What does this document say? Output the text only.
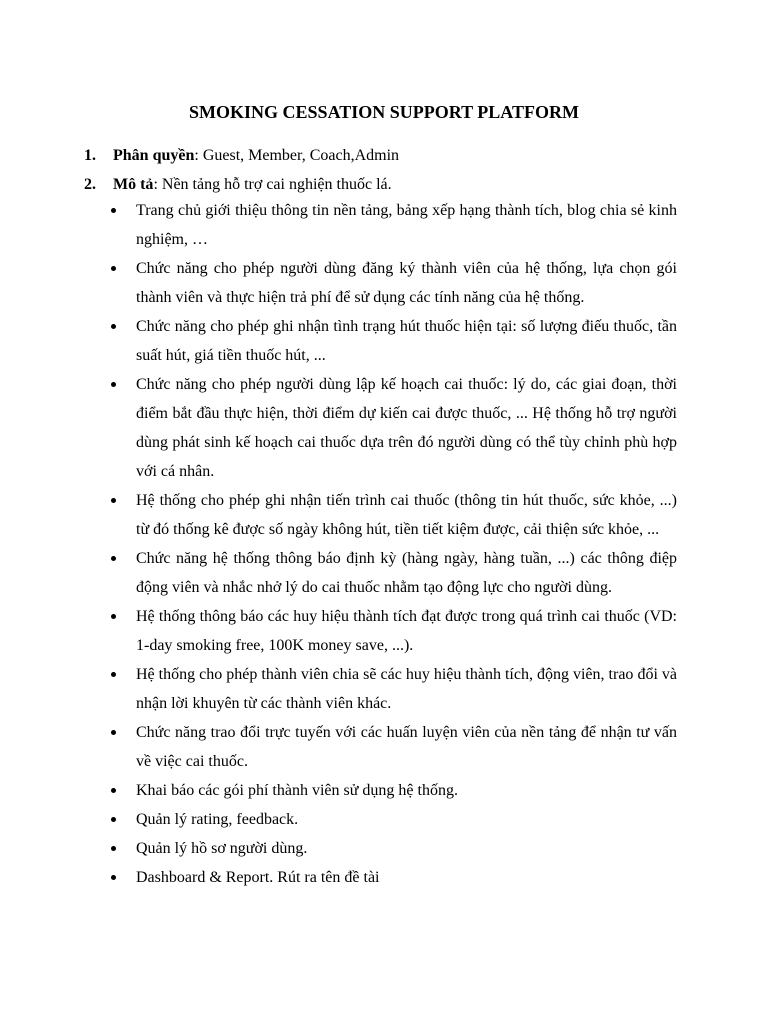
SMOKING CESSATION SUPPORT PLATFORM
1. Phân quyền: Guest, Member, Coach,Admin
2. Mô tả: Nền tảng hỗ trợ cai nghiện thuốc lá.
Trang chủ giới thiệu thông tin nền tảng, bảng xếp hạng thành tích, blog chia sẻ kinh nghiệm, …
Chức năng cho phép người dùng đăng ký thành viên của hệ thống, lựa chọn gói thành viên và thực hiện trả phí để sử dụng các tính năng của hệ thống.
Chức năng cho phép ghi nhận tình trạng hút thuốc hiện tại: số lượng điếu thuốc, tần suất hút, giá tiền thuốc hút, ...
Chức năng cho phép người dùng lập kế hoạch cai thuốc: lý do, các giai đoạn, thời điểm bắt đầu thực hiện, thời điểm dự kiến cai được thuốc, ... Hệ thống hỗ trợ người dùng phát sinh kế hoạch cai thuốc dựa trên đó người dùng có thể tùy chỉnh phù hợp với cá nhân.
Hệ thống cho phép ghi nhận tiến trình cai thuốc (thông tin hút thuốc, sức khỏe, ...) từ đó thống kê được số ngày không hút, tiền tiết kiệm được, cải thiện sức khỏe, ...
Chức năng hệ thống thông báo định kỳ (hàng ngày, hàng tuần, ...) các thông điệp động viên và nhắc nhở lý do cai thuốc nhằm tạo động lực cho người dùng.
Hệ thống thông báo các huy hiệu thành tích đạt được trong quá trình cai thuốc (VD: 1-day smoking free, 100K money save, ...).
Hệ thống cho phép thành viên chia sẽ các huy hiệu thành tích, động viên, trao đổi và nhận lời khuyên từ các thành viên khác.
Chức năng trao đổi trực tuyến với các huấn luyện viên của nền tảng để nhận tư vấn về việc cai thuốc.
Khai báo các gói phí thành viên sử dụng hệ thống.
Quản lý rating, feedback.
Quản lý hồ sơ người dùng.
Dashboard & Report. Rút ra tên đề tài
